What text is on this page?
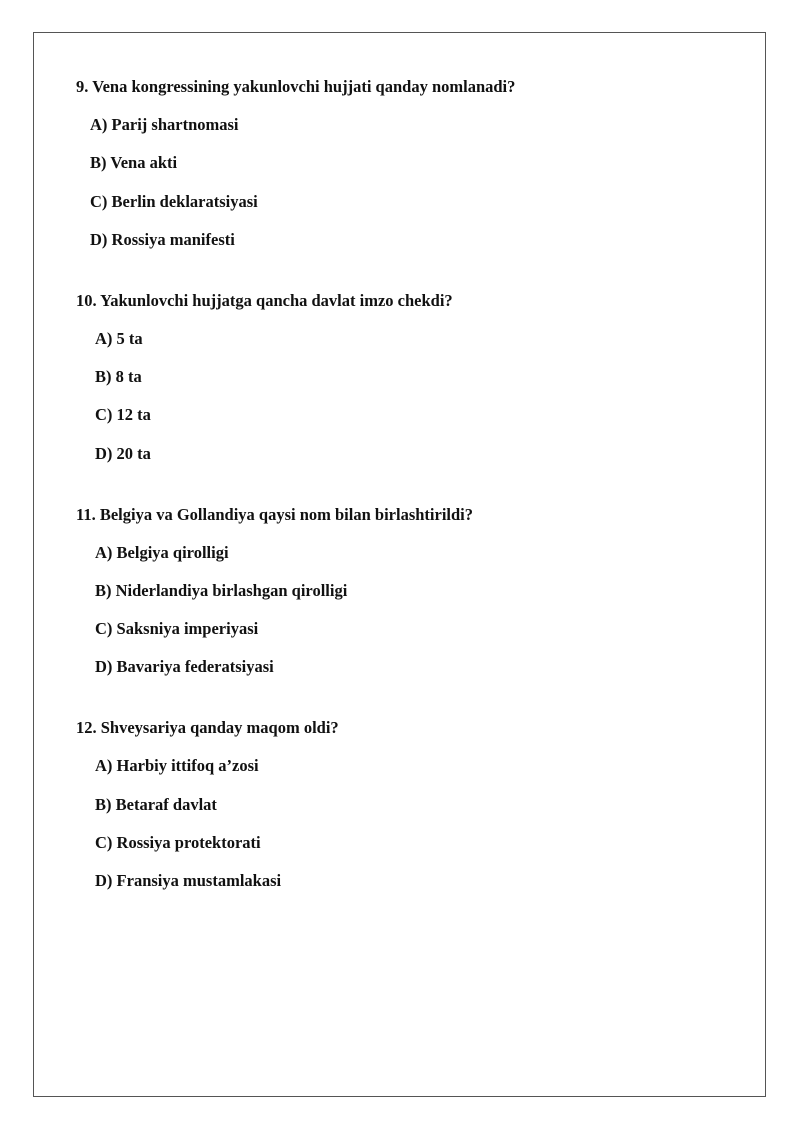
9. Vena kongressining yakunlovchi hujjati qanday nomlanadi?

A) Parij shartnomasi
B) Vena akti
C) Berlin deklaratsiyasi
D) Rossiya manifesti

10. Yakunlovchi hujjatga qancha davlat imzo chekdi?

A) 5 ta
B) 8 ta
C) 12 ta
D) 20 ta

11. Belgiya va Gollandiya qaysi nom bilan birlashtirildi?

A) Belgiya qirolligi
B) Niderlandiya birlashgan qirolligi
C) Saksniya imperiyasi
D) Bavariya federatsiyasi

12. Shveysariya qanday maqom oldi?

A) Harbiy ittifoq a’zosi
B) Betaraf davlat
C) Rossiya protektorati
D) Fransiya mustamlakasi
